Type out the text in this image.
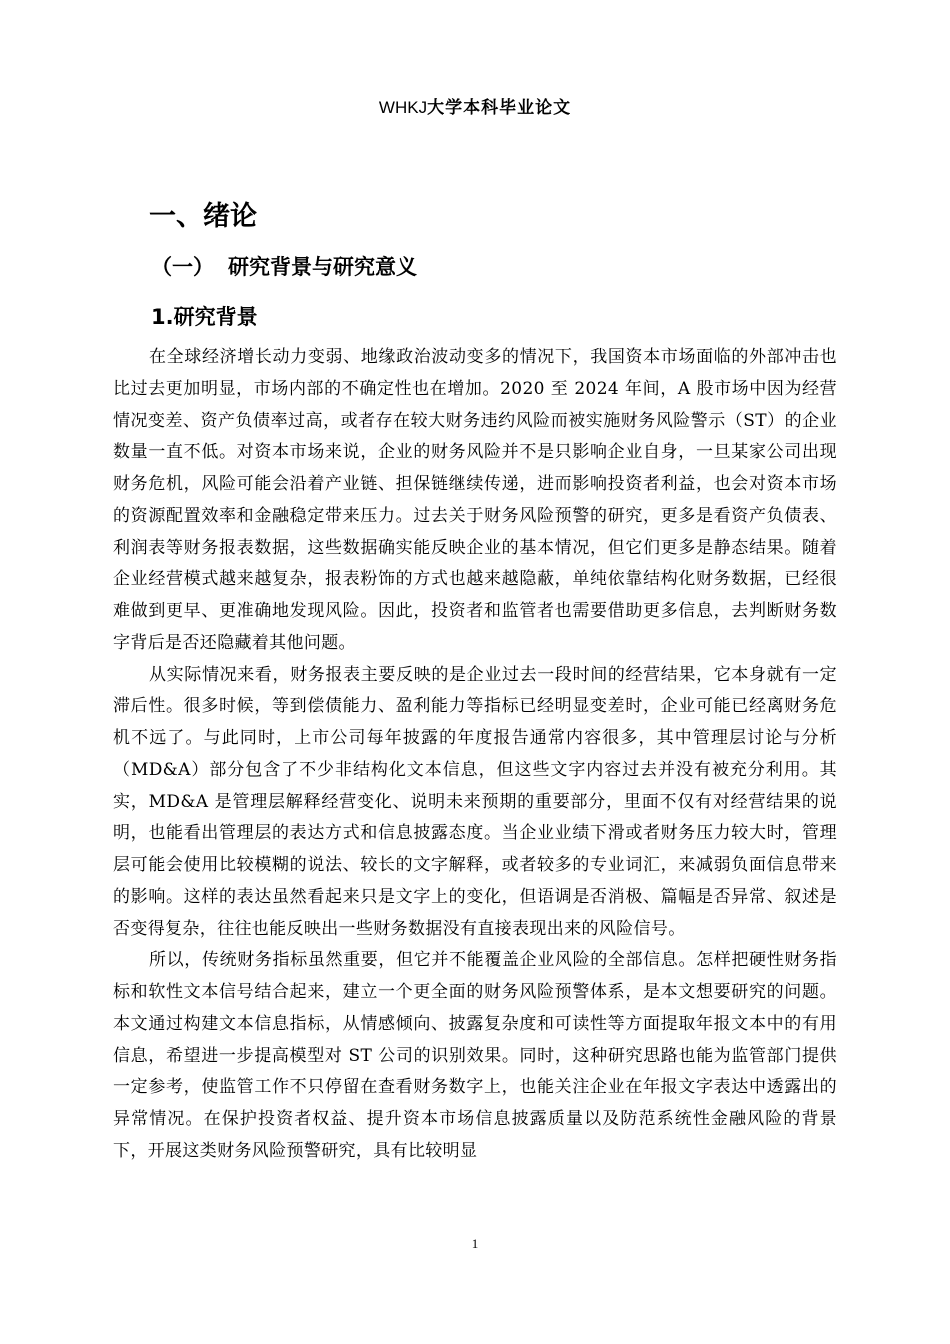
WHKJ大学本科毕业论文
一、绪论
（一） 研究背景与研究意义
1.研究背景

在全球经济增长动力变弱、地缘政治波动变多的情况下，我国资本市场面临的外部冲击也比过去更加明显，市场内部的不确定性也在增加。2020 至 2024 年间，A 股市场中因为经营情况变差、资产负债率过高，或者存在较大财务违约风险而被实施财务风险警示（ST）的企业数量一直不低。对资本市场来说，企业的财务风险并不是只影响企业自身，一旦某家公司出现财务危机，风险可能会沿着产业链、担保链继续传递，进而影响投资者利益，也会对资本市场的资源配置效率和金融稳定带来压力。过去关于财务风险预警的研究，更多是看资产负债表、利润表等财务报表数据，这些数据确实能反映企业的基本情况，但它们更多是静态结果。随着企业经营模式越来越复杂，报表粉饰的方式也越来越隐蔽，单纯依靠结构化财务数据，已经很难做到更早、更准确地发现风险。因此，投资者和监管者也需要借助更多信息，去判断财务数字背后是否还隐藏着其他问题。

从实际情况来看，财务报表主要反映的是企业过去一段时间的经营结果，它本身就有一定滞后性。很多时候，等到偿债能力、盈利能力等指标已经明显变差时，企业可能已经离财务危机不远了。与此同时，上市公司每年披露的年度报告通常内容很多，其中管理层讨论与分析（MD&A）部分包含了不少非结构化文本信息，但这些文字内容过去并没有被充分利用。其实，MD&A 是管理层解释经营变化、说明未来预期的重要部分，里面不仅有对经营结果的说明，也能看出管理层的表达方式和信息披露态度。当企业业绩下滑或者财务压力较大时，管理层可能会使用比较模糊的说法、较长的文字解释，或者较多的专业词汇，来减弱负面信息带来的影响。这样的表达虽然看起来只是文字上的变化，但语调是否消极、篇幅是否异常、叙述是否变得复杂，往往也能反映出一些财务数据没有直接表现出来的风险信号。

所以，传统财务指标虽然重要，但它并不能覆盖企业风险的全部信息。怎样把硬性财务指标和软性文本信号结合起来，建立一个更全面的财务风险预警体系，是本文想要研究的问题。本文通过构建文本信息指标，从情感倾向、披露复杂度和可读性等方面提取年报文本中的有用信息，希望进一步提高模型对 ST 公司的识别效果。同时，这种研究思路也能为监管部门提供一定参考，使监管工作不只停留在查看财务数字上，也能关注企业在年报文字表达中透露出的异常情况。在保护投资者权益、提升资本市场信息披露质量以及防范系统性金融风险的背景下，开展这类财务风险预警研究，具有比较明显

1
